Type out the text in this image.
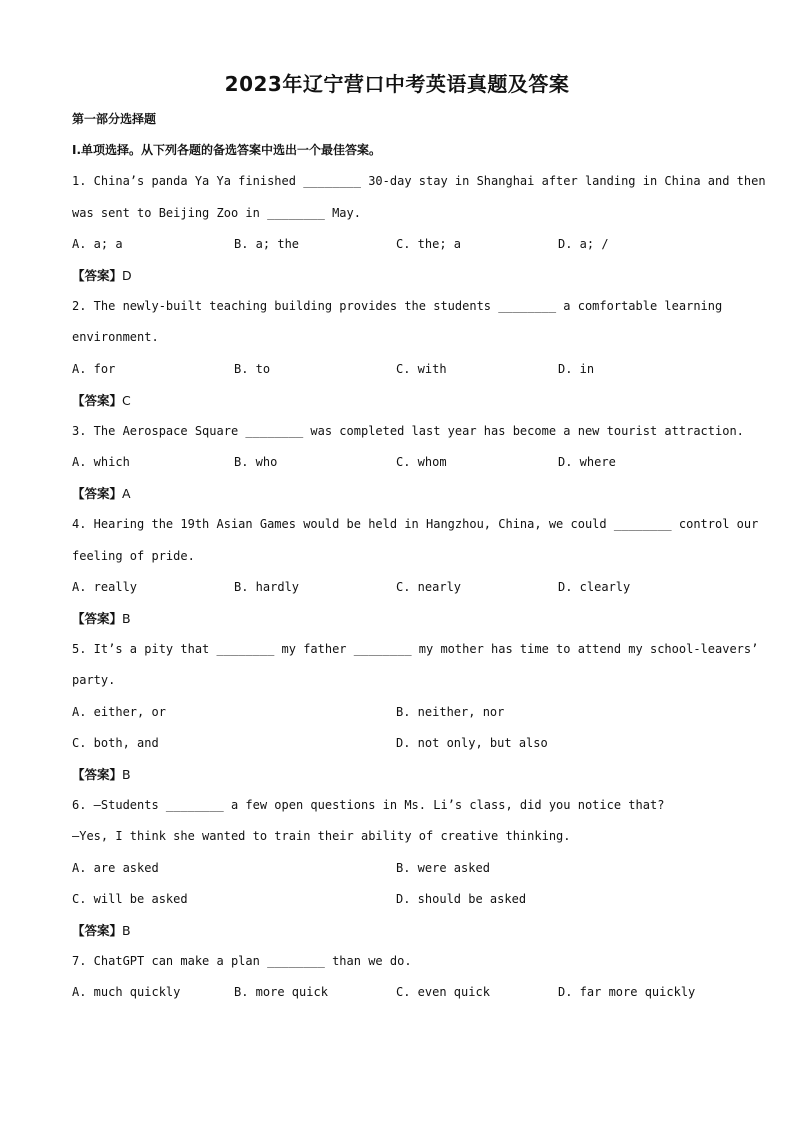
2023年辽宁营口中考英语真题及答案
第一部分选择题
Ⅰ.单项选择。从下列各题的备选答案中选出一个最佳答案。
1. China’s panda Ya Ya finished ________ 30-day stay in Shanghai after landing in China and then
was sent to Beijing Zoo in ________ May.
A. a; a	B. a; the	C. the; a	D. a; /
【答案】D
2. The newly-built teaching building provides the students ________ a comfortable learning
environment.
A. for	B. to	C. with	D. in
【答案】C
3. The Aerospace Square ________ was completed last year has become a new tourist attraction.
A. which	B. who	C. whom	D. where
【答案】A
4. Hearing the 19th Asian Games would be held in Hangzhou, China, we could ________ control our
feeling of pride.
A. really	B. hardly	C. nearly	D. clearly
【答案】B
5. It’s a pity that ________ my father ________ my mother has time to attend my school-leavers’
party.
A. either, or	B. neither, nor
C. both, and	D. not only, but also
【答案】B
6. —Students ________ a few open questions in Ms. Li’s class, did you notice that?
—Yes, I think she wanted to train their ability of creative thinking.
A. are asked	B. were asked
C. will be asked	D. should be asked
【答案】B
7. ChatGPT can make a plan ________ than we do.
A. much quickly	B. more quick	C. even quick	D. far more quickly
